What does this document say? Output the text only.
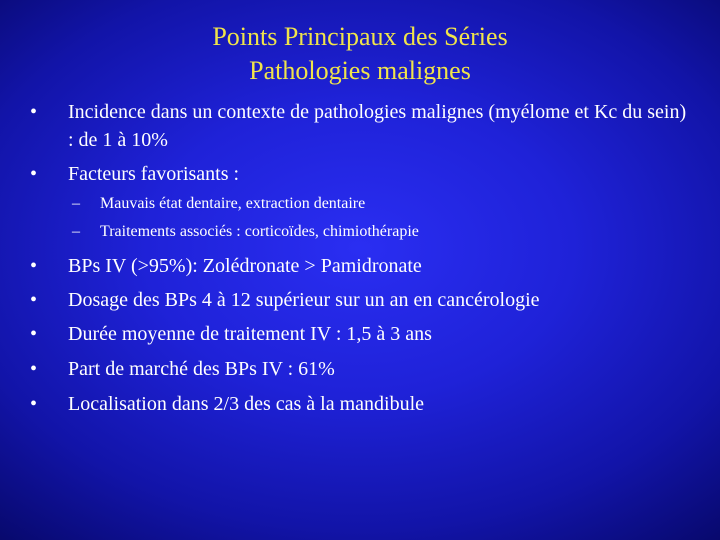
Points Principaux des Séries
Pathologies malignes
• Incidence dans un contexte de pathologies malignes (myélome et Kc du sein) : de 1 à 10%
• Facteurs favorisants :
– Mauvais état dentaire, extraction dentaire
– Traitements associés : corticoïdes, chimiothérapie
• BPs IV (>95%): Zolédronate > Pamidronate
• Dosage des BPs 4 à 12 supérieur sur un an en cancérologie
• Durée moyenne de traitement IV : 1,5 à 3 ans
• Part de marché des BPs IV : 61%
• Localisation dans 2/3 des cas à la mandibule
